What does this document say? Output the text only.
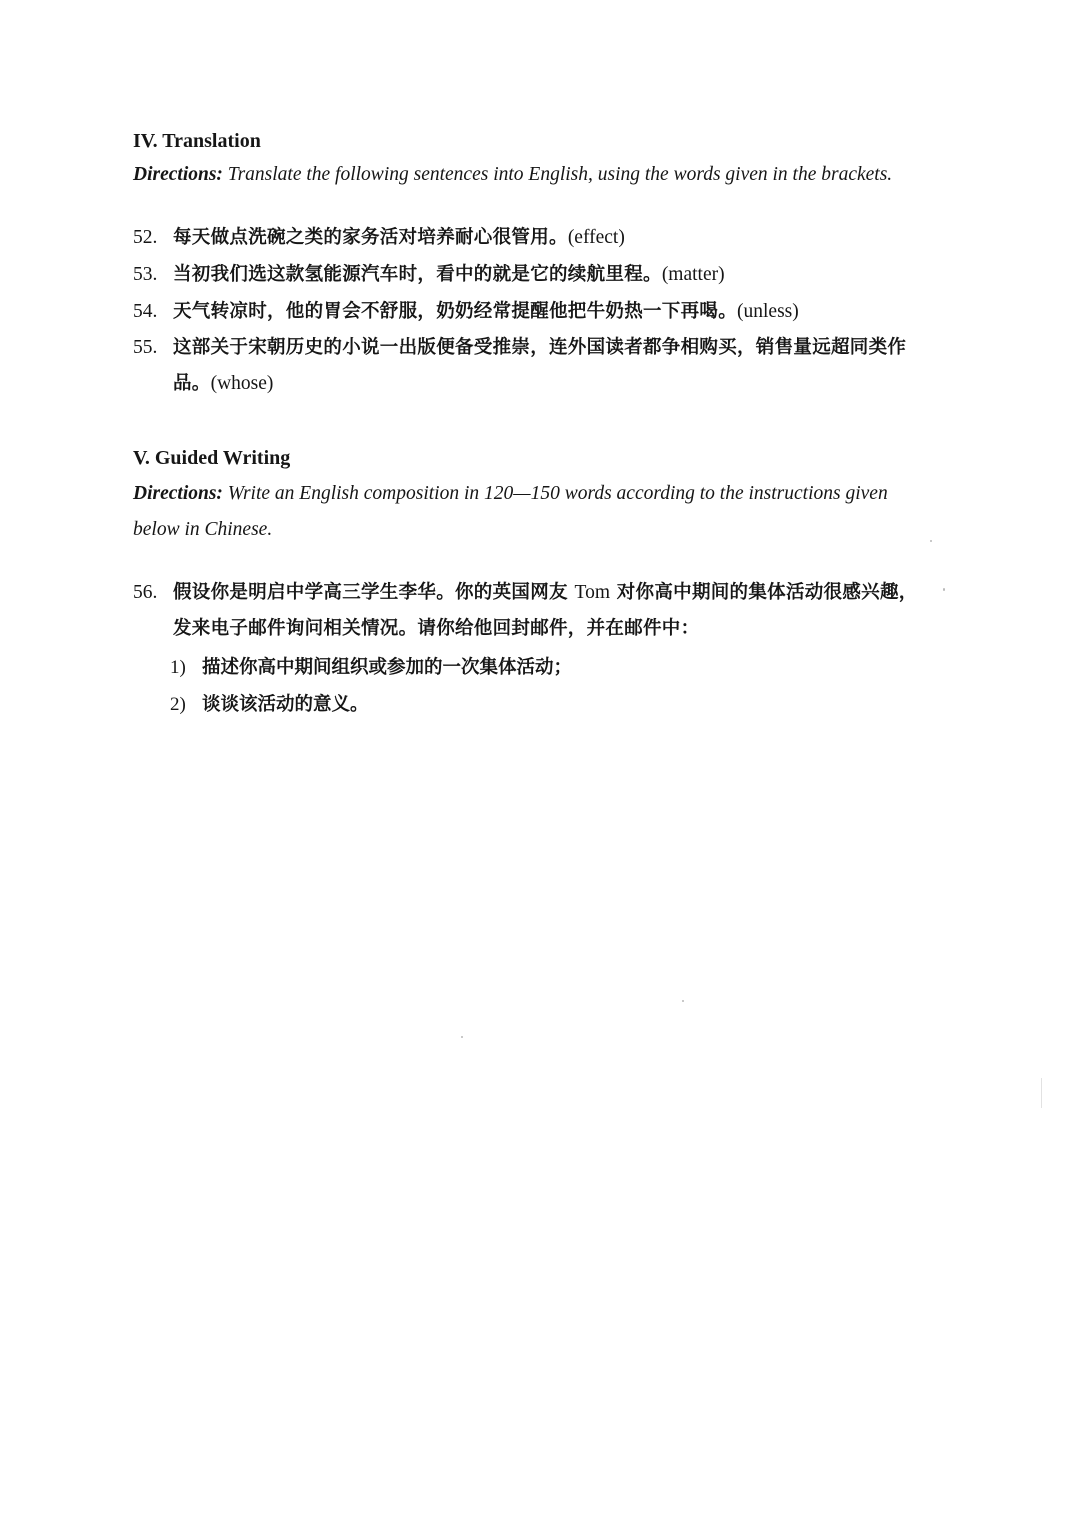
IV. Translation
Directions: Translate the following sentences into English, using the words given in the brackets.
52. 每天做点洗碗之类的家务活对培养耐心很管用。(effect)
53. 当初我们选这款氢能源汽车时，看中的就是它的续航里程。(matter)
54. 天气转凉时，他的胃会不舒服，奶奶经常提醒他把牛奶热一下再喝。(unless)
55. 这部关于宋朝历史的小说一出版便备受推崇，连外国读者都争相购买，销售量远超同类作品。(whose)
V. Guided Writing
Directions: Write an English composition in 120—150 words according to the instructions given below in Chinese.
56. 假设你是明启中学高三学生李华。你的英国网友 Tom 对你高中期间的集体活动很感兴趣，发来电子邮件询问相关情况。请你给他回封邮件，并在邮件中：
1) 描述你高中期间组织或参加的一次集体活动；
2) 谈谈该活动的意义。
